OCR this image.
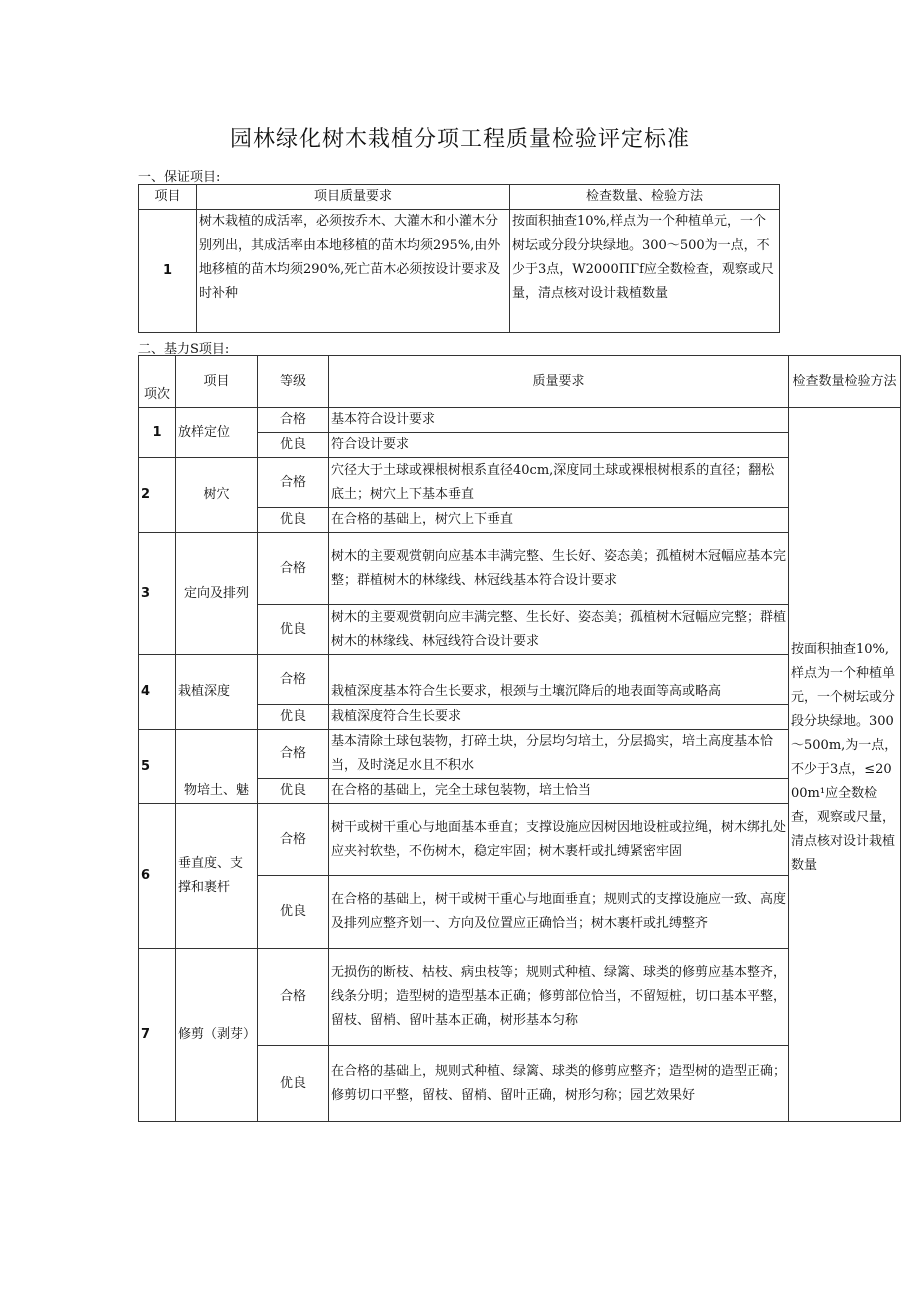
园林绿化树木栽植分项工程质量检验评定标准
一、保证项目:
项目	项目质量要求	检查数量、检验方法
1	树木栽植的成活率，必须按乔木、大灌木和小灌木分别列出，其成活率由本地移植的苗木均须295%,由外地移植的苗木均须290%,死亡苗木必须按设计要求及时补种	按面积抽查10%,样点为一个种植单元，一个树坛或分段分块绿地。300～500为一点，不少于3点，W2000ΠΓf应全数检查，观察或尺量，清点核对设计栽植数量
二、基力S项目:
项次	项目	等级	质量要求	检查数量检验方法
1	放样定位	合格	基本符合设计要求	按面积抽查10%,样点为一个种植单元，一个树坛或分段分块绿地。300～500m,为一点，不少于3点，≤2000m¹应全数检查，观察或尺量，清点核对设计栽植数量
		优良	符合设计要求	
2	树穴	合格	穴径大于土球或裸根树根系直径40cm,深度同土球或裸根树根系的直径；翻松底土；树穴上下基本垂直	
		优良	在合格的基础上，树穴上下垂直	
3	定向及排列	合格	树木的主要观赏朝向应基本丰满完整、生长好、姿态美；孤植树木冠幅应基本完整；群植树木的林缘线、林冠线基本符合设计要求	
		优良	树木的主要观赏朝向应丰满完整、生长好、姿态美；孤植树木冠幅应完整；群植树木的林缘线、林冠线符合设计要求	
4	栽植深度	合格	栽植深度基本符合生长要求，根颈与土壤沉降后的地表面等高或略高	
		优良	栽植深度符合生长要求	
5	物培土、魅	合格	基本清除土球包装物，打碎土块，分层均匀培土，分层捣实，培土高度基本恰当，及时浇足水且不积水	
		优良	在合格的基础上，完全土球包装物，培土恰当	
6	垂直度、支撑和裹杆	合格	树干或树干重心与地面基本垂直；支撑设施应因树因地设桩或拉绳，树木绑扎处应夹衬软垫，不伤树木，稳定牢固；树木裹杆或扎缚紧密牢固	
		优良	在合格的基础上，树干或树干重心与地面垂直；规则式的支撑设施应一致、高度及排列应整齐划一、方向及位置应正确恰当；树木裹杆或扎缚整齐	
7	修剪（剥芽）	合格	无损伤的断枝、枯枝、病虫枝等；规则式种植、绿篱、球类的修剪应基本整齐，线条分明；造型树的造型基本正确；修剪部位恰当，不留短桩，切口基本平整，留枝、留梢、留叶基本正确，树形基本匀称	
		优良	在合格的基础上，规则式种植、绿篱、球类的修剪应整齐；造型树的造型正确；修剪切口平整，留枝、留梢、留叶正确，树形匀称；园艺效果好	
